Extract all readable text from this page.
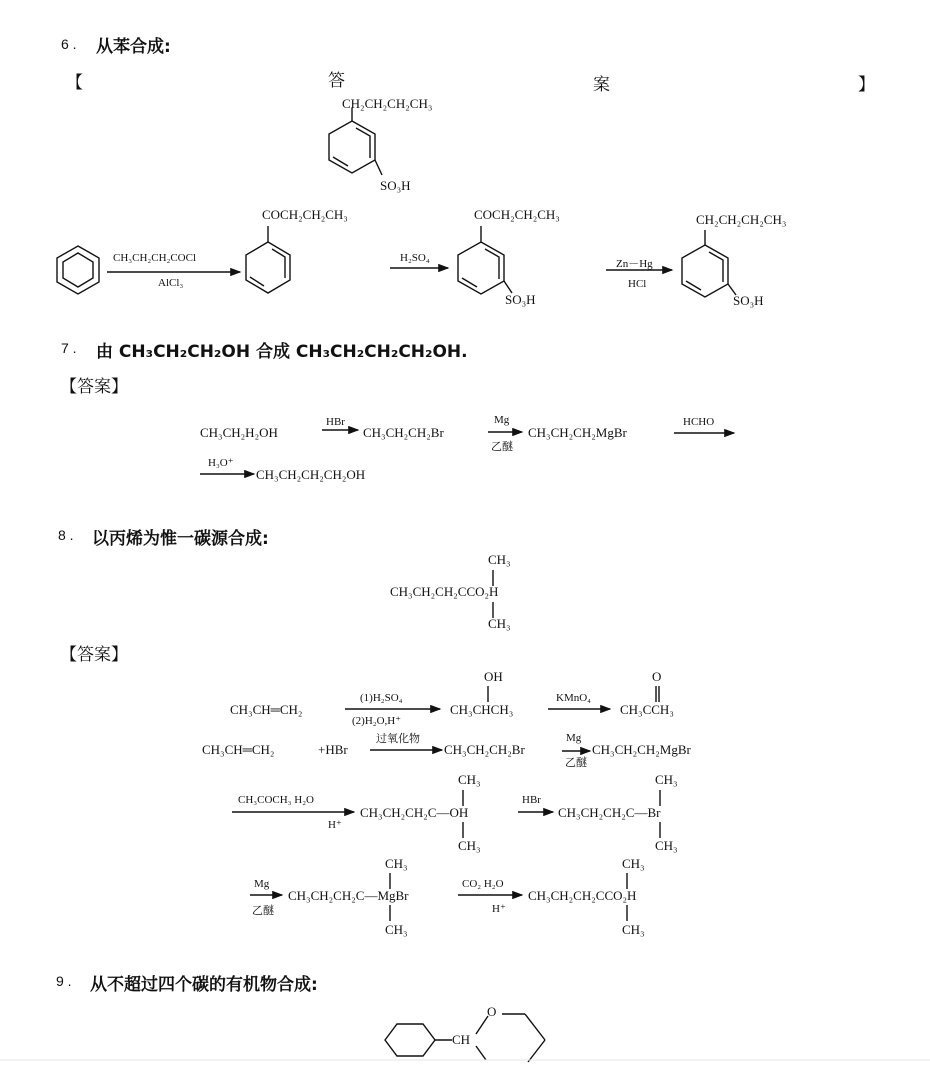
6 . 从苯合成:
【	答	案	】
CH₂CH₂CH₂CH₃
SO₃H
COCH₂CH₂CH₃
CH₃CH₂CH₂COCl
AlCl₃
H₂SO₄
COCH₂CH₂CH₃
SO₃H
Zn－Hg
HCl
CH₂CH₂CH₂CH₃
SO₃H
7 . 由 CH₃CH₂CH₂OH 合成 CH₃CH₂CH₂CH₂OH.
【答案】
CH₃CH₂H₂OH
HBr
CH₃CH₂CH₂Br
Mg
乙醚
CH₃CH₂CH₂MgBr
HCHO
H₃O⁺
CH₃CH₂CH₂CH₂OH
8 . 以丙烯为惟一碳源合成:
CH₃
CH₃CH₂CH₂CCO₂H
CH₃
【答案】
CH₃CH═CH₂
(1)H₂SO₄
(2)H₂O,H⁺
OH
CH₃CHCH₃
KMnO₄
O
CH₃CCH₃
CH₃CH═CH₂	+HBr
过氧化物
CH₃CH₂CH₂Br
Mg
乙醚
CH₃CH₂CH₂MgBr
CH₃COCH₃ H₂O
H⁺
CH₃
CH₃CH₂CH₂C—OH
CH₃
HBr
CH₃
CH₃CH₂CH₂C—Br
CH₃
Mg
乙醚
CH₃
CH₃CH₂CH₂C—MgBr
CH₃
CO₂ H₂O
H⁺
CH₃
CH₃CH₂CH₂CCO₂H
CH₃
9 . 从不超过四个碳的有机物合成:
O
CH
